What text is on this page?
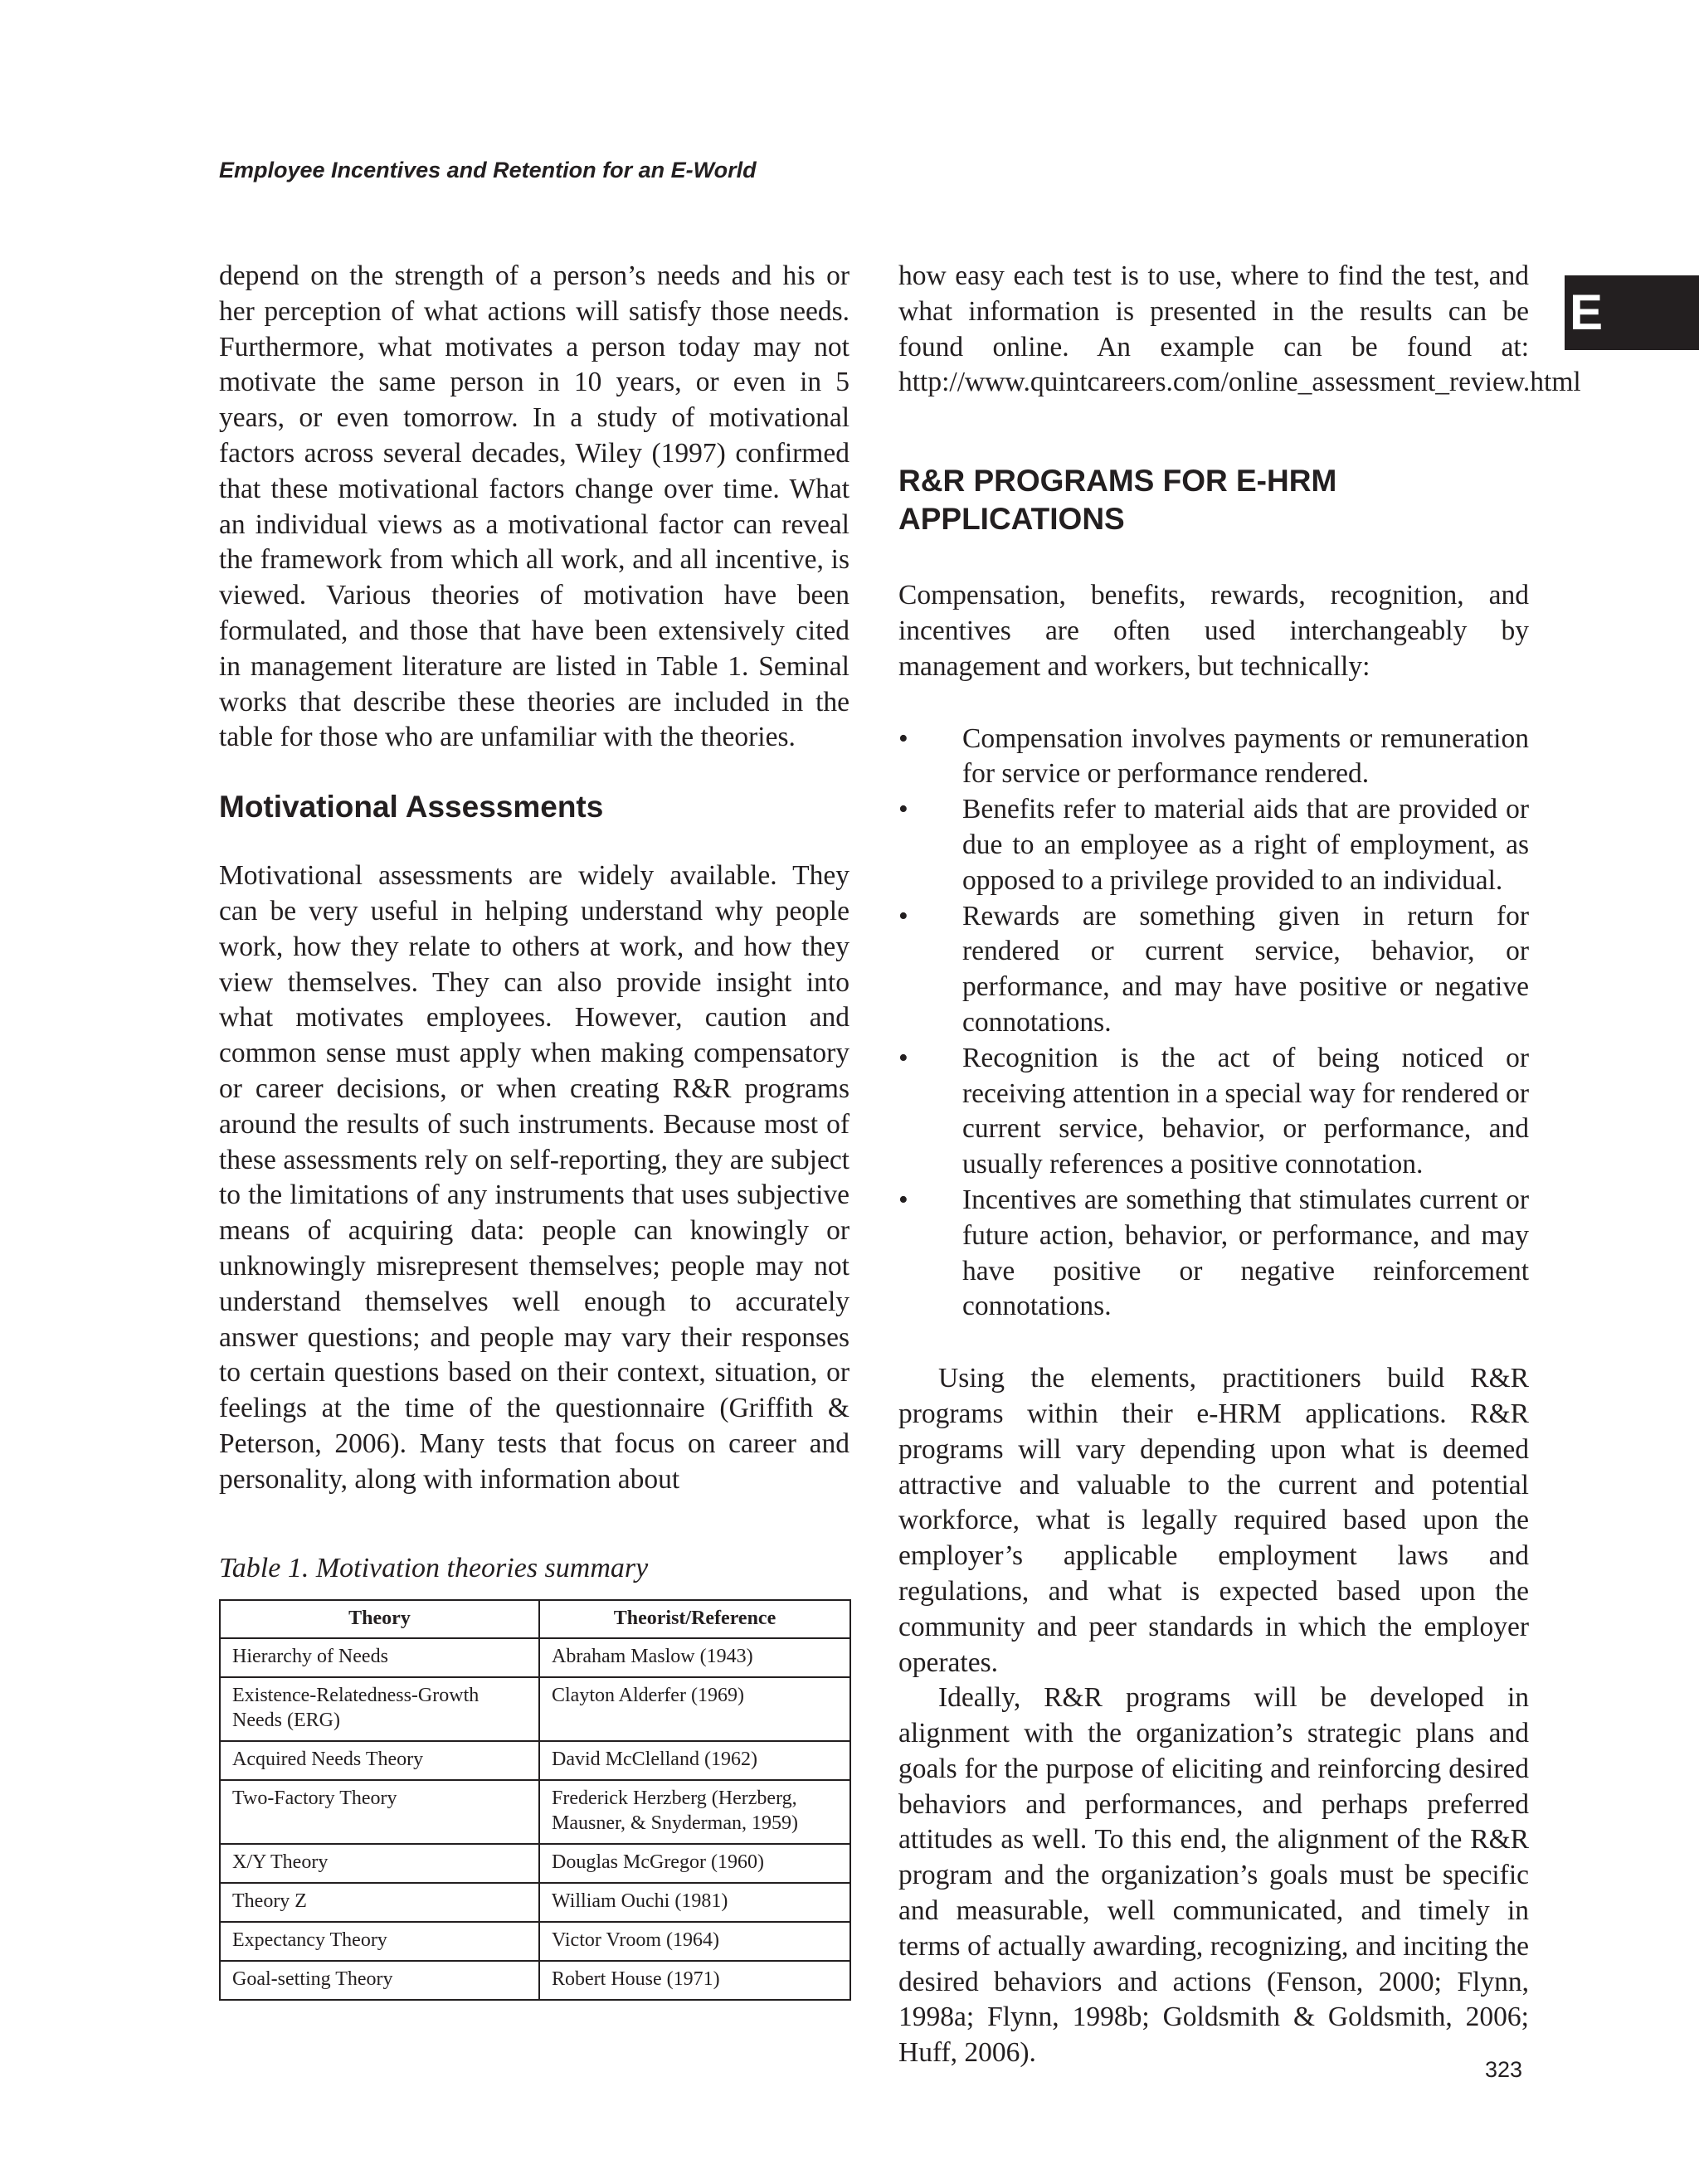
Employee Incentives and Retention for an E-World
E

depend on the strength of a person’s needs and his or her perception of what actions will satisfy those needs. Furthermore, what motivates a person today may not motivate the same person in 10 years, or even in 5 years, or even tomorrow. In a study of motivational factors across several decades, Wiley (1997) confirmed that these motivational factors change over time. What an individual views as a motivational factor can reveal the framework from which all work, and all incentive, is viewed. Various theories of motivation have been formulated, and those that have been extensively cited in management literature are listed in Table 1. Seminal works that describe these theories are included in the table for those who are unfamiliar with the theories.

Motivational Assessments

Motivational assessments are widely available. They can be very useful in helping understand why people work, how they relate to others at work, and how they view themselves. They can also provide insight into what motivates employees. However, caution and common sense must apply when making compensatory or career decisions, or when creating R&R programs around the results of such instruments. Because most of these assessments rely on self-reporting, they are subject to the limitations of any instruments that uses subjective means of acquiring data: people can knowingly or unknowingly misrepresent themselves; people may not understand themselves well enough to accurately answer questions; and people may vary their responses to certain questions based on their context, situation, or feelings at the time of the questionnaire (Griffith & Peterson, 2006). Many tests that focus on career and personality, along with information about

Table 1. Motivation theories summary
Theory	Theorist/Reference
Hierarchy of Needs	Abraham Maslow (1943)
Existence-Relatedness-Growth Needs (ERG)	Clayton Alderfer (1969)
Acquired Needs Theory	David McClelland (1962)
Two-Factory Theory	Frederick Herzberg (Herzberg, Mausner, & Snyderman, 1959)
X/Y Theory	Douglas McGregor (1960)
Theory Z	William Ouchi (1981)
Expectancy Theory	Victor Vroom (1964)
Goal-setting Theory	Robert House (1971)

how easy each test is to use, where to find the test, and what information is presented in the results can be found online. An example can be found at: http://www.quintcareers.com/online_assessment_review.html

R&R PROGRAMS FOR E-HRM
APPLICATIONS

Compensation, benefits, rewards, recognition, and incentives are often used interchangeably by management and workers, but technically:

• Compensation involves payments or remuneration for service or performance rendered.
• Benefits refer to material aids that are provided or due to an employee as a right of employment, as opposed to a privilege provided to an individual.
• Rewards are something given in return for rendered or current service, behavior, or performance, and may have positive or negative connotations.
• Recognition is the act of being noticed or receiving attention in a special way for rendered or current service, behavior, or performance, and usually references a positive connotation.
• Incentives are something that stimulates current or future action, behavior, or performance, and may have positive or negative reinforcement connotations.

Using the elements, practitioners build R&R programs within their e-HRM applications. R&R programs will vary depending upon what is deemed attractive and valuable to the current and potential workforce, what is legally required based upon the employer’s applicable employment laws and regulations, and what is expected based upon the community and peer standards in which the employer operates.

Ideally, R&R programs will be developed in alignment with the organization’s strategic plans and goals for the purpose of eliciting and reinforcing desired behaviors and performances, and perhaps preferred attitudes as well. To this end, the alignment of the R&R program and the organization’s goals must be specific and measurable, well communicated, and timely in terms of actually awarding, recognizing, and inciting the desired behaviors and actions (Fenson, 2000; Flynn, 1998a; Flynn, 1998b; Goldsmith & Goldsmith, 2006; Huff, 2006).

323
